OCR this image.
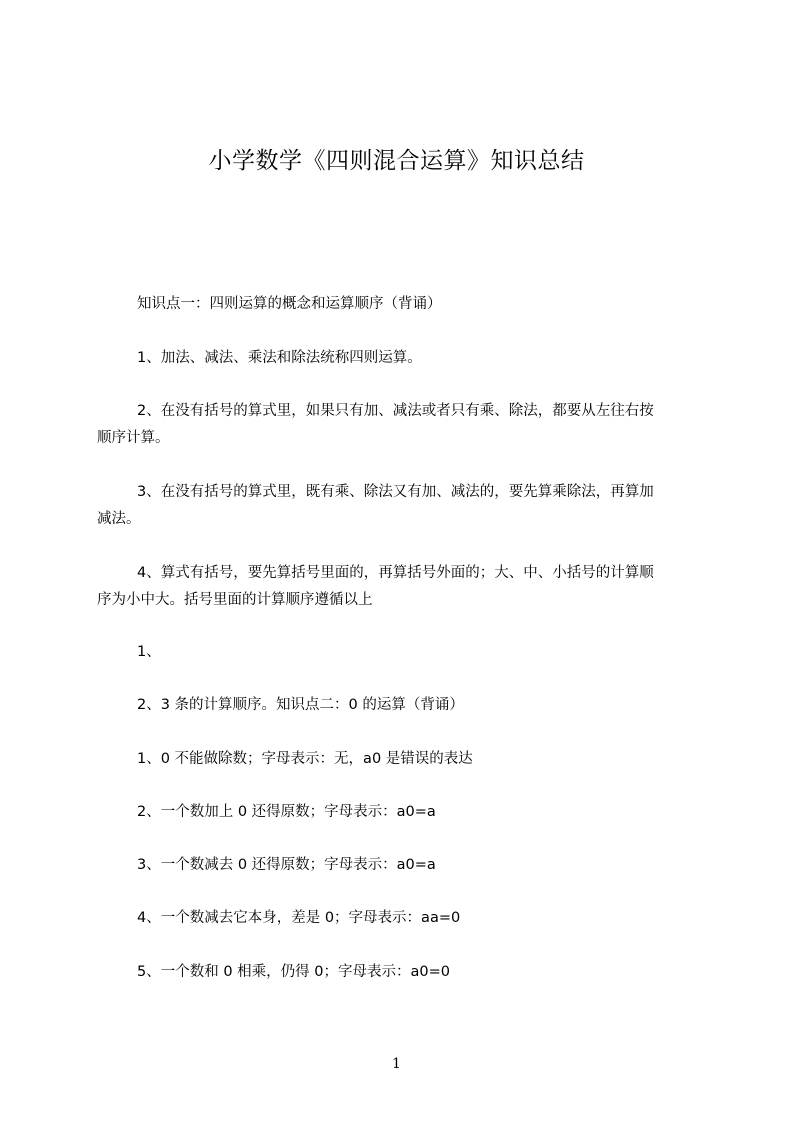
小学数学《四则混合运算》知识总结
知识点一：四则运算的概念和运算顺序（背诵）
1、加法、减法、乘法和除法统称四则运算。
2、在没有括号的算式里，如果只有加、减法或者只有乘、除法，都要从左往右按
顺序计算。
3、在没有括号的算式里，既有乘、除法又有加、减法的，要先算乘除法，再算加
减法。
4、算式有括号，要先算括号里面的，再算括号外面的；大、中、小括号的计算顺
序为小中大。括号里面的计算顺序遵循以上
1、
2、3 条的计算顺序。知识点二：0 的运算（背诵）
1、0 不能做除数；字母表示：无，a0 是错误的表达
2、一个数加上 0 还得原数；字母表示：a0=a
3、一个数减去 0 还得原数；字母表示：a0=a
4、一个数减去它本身，差是 0；字母表示：aa=0
5、一个数和 0 相乘，仍得 0；字母表示：a0=0
1
